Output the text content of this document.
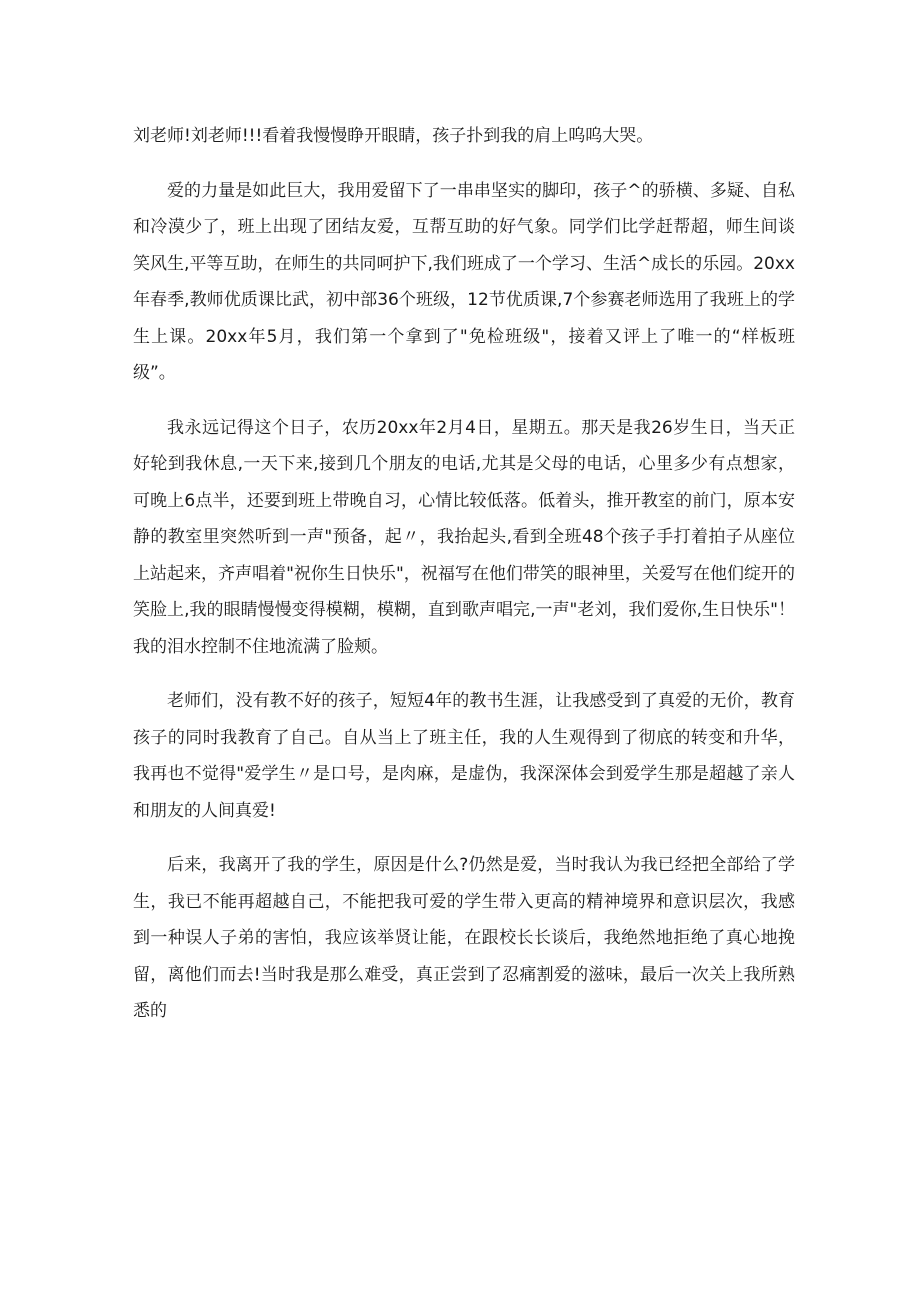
刘老师!刘老师!!!看着我慢慢睁开眼睛，孩子扑到我的肩上呜呜大哭。

爱的力量是如此巨大，我用爱留下了一串串坚实的脚印，孩子^的骄横、多疑、自私和冷漠少了，班上出现了团结友爱，互帮互助的好气象。同学们比学赶帮超，师生间谈笑风生,平等互助，在师生的共同呵护下,我们班成了一个学习、生活^成长的乐园。20xx年春季,教师优质课比武，初中部36个班级，12节优质课,7个参赛老师选用了我班上的学生上课。20xx年5月，我们第一个拿到了"免检班级"，接着又评上了唯一的“样板班级”。

我永远记得这个日子，农历20xx年2月4日，星期五。那天是我26岁生日，当天正好轮到我休息,一天下来,接到几个朋友的电话,尤其是父母的电话，心里多少有点想家，可晚上6点半，还要到班上带晚自习，心情比较低落。低着头，推开教室的前门，原本安静的教室里突然听到一声"预备，起〃，我抬起头,看到全班48个孩子手打着拍子从座位上站起来，齐声唱着"祝你生日快乐"，祝福写在他们带笑的眼神里，关爱写在他们绽开的笑脸上,我的眼睛慢慢变得模糊，模糊，直到歌声唱完,一声"老刘，我们爱你,生日快乐"！我的泪水控制不住地流满了脸颊。

老师们，没有教不好的孩子，短短4年的教书生涯，让我感受到了真爱的无价，教育孩子的同时我教育了自己。自从当上了班主任，我的人生观得到了彻底的转变和升华，我再也不觉得"爱学生〃是口号，是肉麻，是虚伪，我深深体会到爱学生那是超越了亲人和朋友的人间真爱!

后来，我离开了我的学生，原因是什么?仍然是爱，当时我认为我已经把全部给了学生，我已不能再超越自己，不能把我可爱的学生带入更高的精神境界和意识层次，我感到一种误人子弟的害怕，我应该举贤让能，在跟校长长谈后，我绝然地拒绝了真心地挽留，离他们而去!当时我是那么难受，真正尝到了忍痛割爱的滋味，最后一次关上我所熟悉的
